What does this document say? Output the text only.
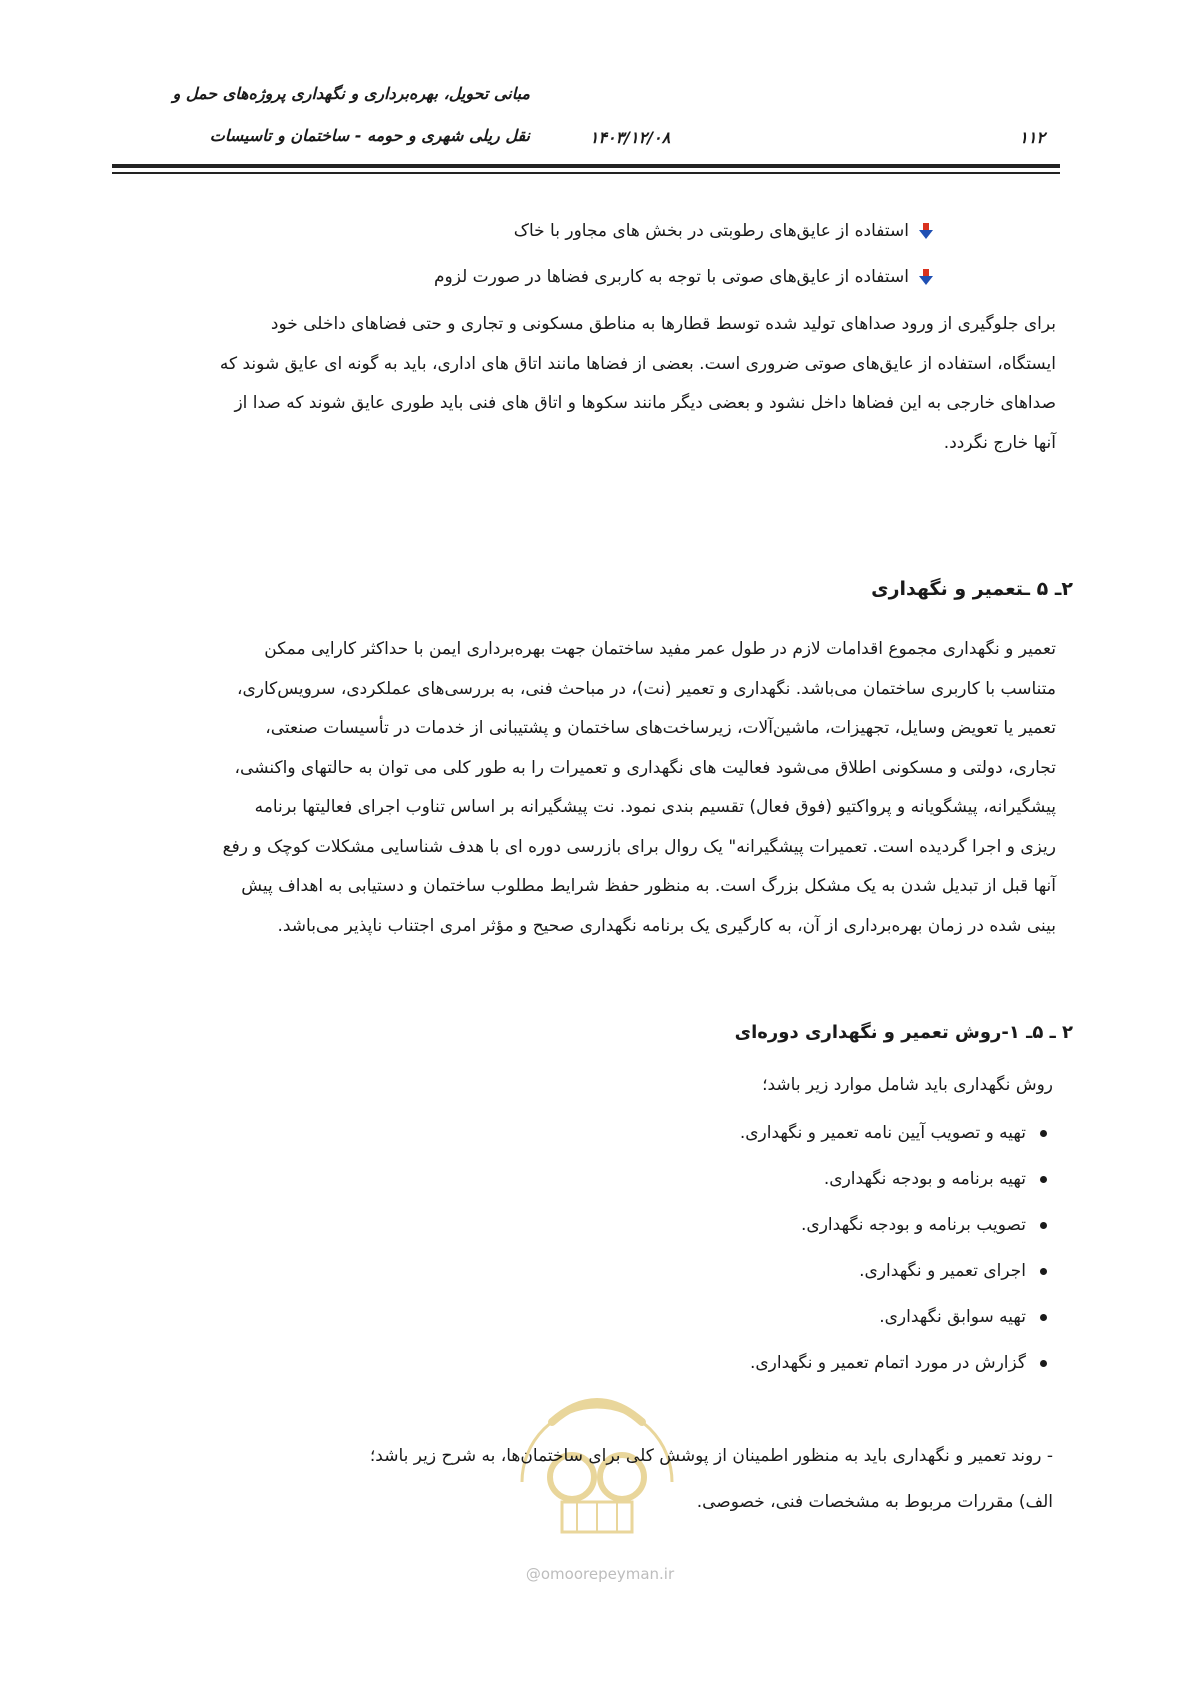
مبانی تحویل، بهره‌برداری و نگهداری پروژه‌های حمل و
نقل ریلی شهری و حومه - ساختمان و تاسیسات	۱۴۰۳/۱۲/۰۸	۱۱۲
استفاده از عایق‌های رطوبتی در بخش های مجاور با خاک
استفاده از عایق‌های صوتی با توجه به کاربری فضاها در صورت لزوم
برای جلوگیری از ورود صداهای تولید شده توسط قطارها به مناطق مسکونی و تجاری و حتی فضاهای داخلی خود
ایستگاه، استفاده از عایق‌های صوتی ضروری است. بعضی از فضاها مانند اتاق های اداری، باید به گونه ای عایق شوند که
صداهای خارجی به این فضاها داخل نشود و بعضی دیگر مانند سکوها و اتاق های فنی باید طوری عایق شوند که صدا از
آنها خارج نگردد.
۲ـ ۵ ـتعمیر و نگهداری
تعمیر و نگهداری مجموع اقدامات لازم در طول عمر مفید ساختمان جهت بهره‌برداری ایمن با حداکثر کارایی ممکن
متناسب با کاربری ساختمان می‌باشد. نگهداری و تعمیر (نت)، در مباحث فنی، به بررسی‌های عملکردی، سرویس‌کاری،
تعمیر یا تعویض وسایل، تجهیزات، ماشین‌آلات، زیرساخت‌های ساختمان و پشتیبانی از خدمات در تأسیسات صنعتی،
تجاری، دولتی و مسکونی اطلاق می‌شود فعالیت های نگهداری و تعمیرات را به طور کلی می توان به حالتهای واکنشی،
پیشگیرانه، پیشگویانه و پرواکتیو (فوق فعال) تقسیم بندی نمود. نت پیشگیرانه بر اساس تناوب اجرای فعالیتها برنامه
ریزی و اجرا گردیده است. تعمیرات پیشگیرانه" یک روال برای بازرسی دوره ای با هدف شناسایی مشکلات کوچک و رفع
آنها قبل از تبدیل شدن به یک مشکل بزرگ است. به منظور حفظ شرایط مطلوب ساختمان و دستیابی به اهداف پیش
بینی شده در زمان بهره‌برداری از آن، به کارگیری یک برنامه نگهداری صحیح و مؤثر امری اجتناب ناپذیر می‌باشد.
۲ ـ ۵ـ ۱-روش تعمیر و نگهداری دوره‌ای
روش نگهداری باید شامل موارد زیر باشد؛
تهیه و تصویب آیین نامه تعمیر و نگهداری.
تهیه برنامه و بودجه نگهداری.
تصویب برنامه و بودجه نگهداری.
اجرای تعمیر و نگهداری.
تهیه سوابق نگهداری.
گزارش در مورد اتمام تعمیر و نگهداری.
- روند تعمیر و نگهداری باید به منظور اطمینان از پوشش کلی برای ساختمان‌ها، به شرح زیر باشد؛
الف) مقررات مربوط به مشخصات فنی، خصوصی.
@omoorepeyman.ir
